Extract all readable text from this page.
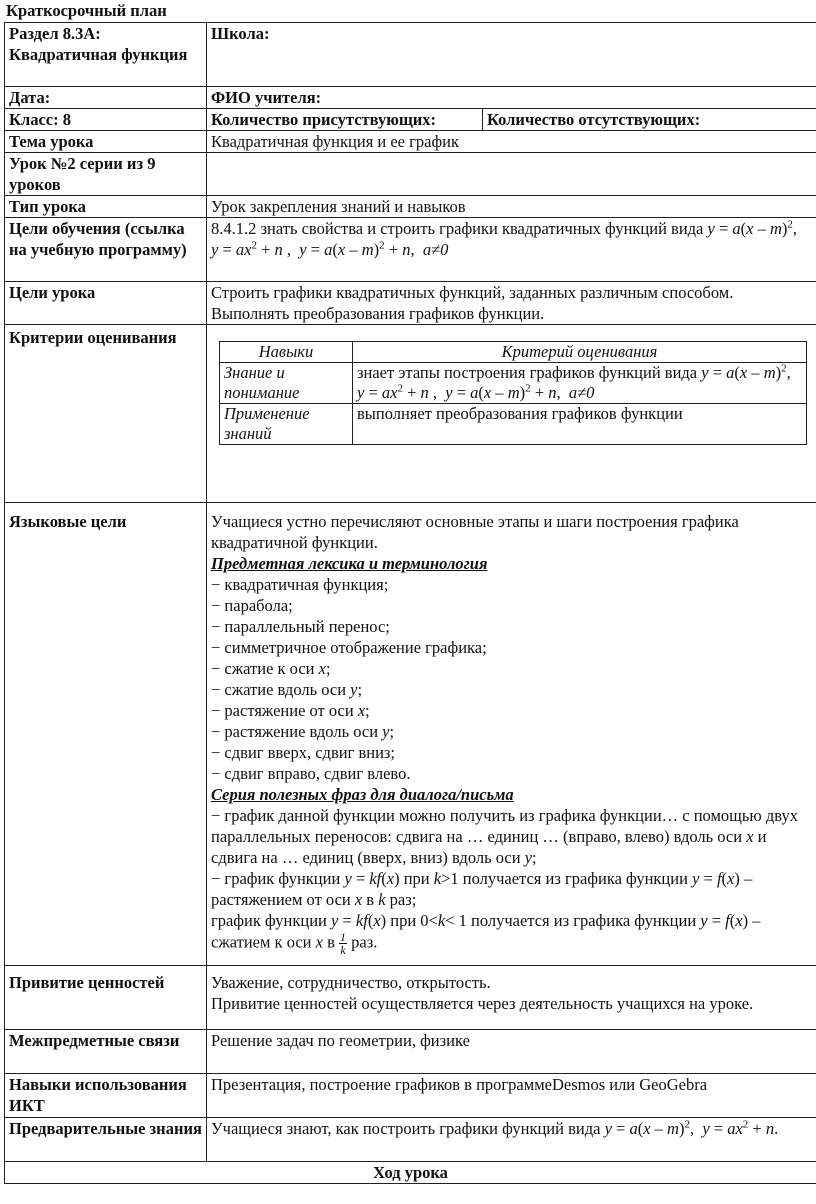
Краткосрочный план
Раздел 8.3А: Квадратичная функция	Школа:
Дата:	ФИО учителя:
Класс: 8	Количество присутствующих:	Количество отсутствующих:
Тема урока	Квадратичная функция и ее график
Урок №2 серии из 9 уроков	
Тип урока	Урок закрепления знаний и навыков
Цели обучения (ссылка на учебную программу)	8.4.1.2 знать свойства и строить графики квадратичных функций вида y = a(x – m)$^2$,  $y = ax^2 + n$ ,  y = a(x – m)$^2$ + n,  a≠0
Цели урока	Строить графики квадратичных функций, заданных различным способом. Выполнять преобразования графиков функции.
Критерии оценивания	
Навыки	Критерий оценивания
Знание и понимание	знает этапы построения графиков функций вида y = a(x – m)$^2$,  $y = ax^2 + n$ ,  y = a(x – m)$^2$ + n,  a≠0
Применение знаний	выполняет преобразования графиков функции

Языковые цели	Учащиеся устно перечисляют основные этапы и шаги построения графика квадратичной функции.
Предметная лексика и терминология
− квадратичная функция;
− парабола;
− параллельный перенос;
− симметричное отображение графика;
− сжатие к оси x;
− сжатие вдоль оси y;
− растяжение от оси x;
− растяжение вдоль оси y;
− сдвиг вверх, сдвиг вниз;
− сдвиг вправо, сдвиг влево.
Серия полезных фраз для диалога/письма
− график данной функции можно получить из графика функции… с помощью двух параллельных переносов: сдвига на … единиц … (вправо, влево) вдоль оси x и сдвига на … единиц (вверх, вниз) вдоль оси y;
− график функции y = kf(x) при k>1 получается из графика функции y = f(x) – растяжением от оси x в k раз;
график функции y = kf(x) при 0<k< 1 получается из графика функции y = f(x) – сжатием к оси x в $\frac{1}{k}$ раз.

Привитие ценностей	Уважение, сотрудничество, открытость.
Привитие ценностей осуществляется через деятельность учащихся на уроке.

Межпредметные связи	Решение задач по геометрии, физике
Навыки использования ИКТ	Презентация, построение графиков в программеDesmos или GeoGebra
Предварительные знания	Учащиеся знают, как построить графики функций вида y = a(x – m)$^2$,  $y = ax^2 + n$.
Ход урока
